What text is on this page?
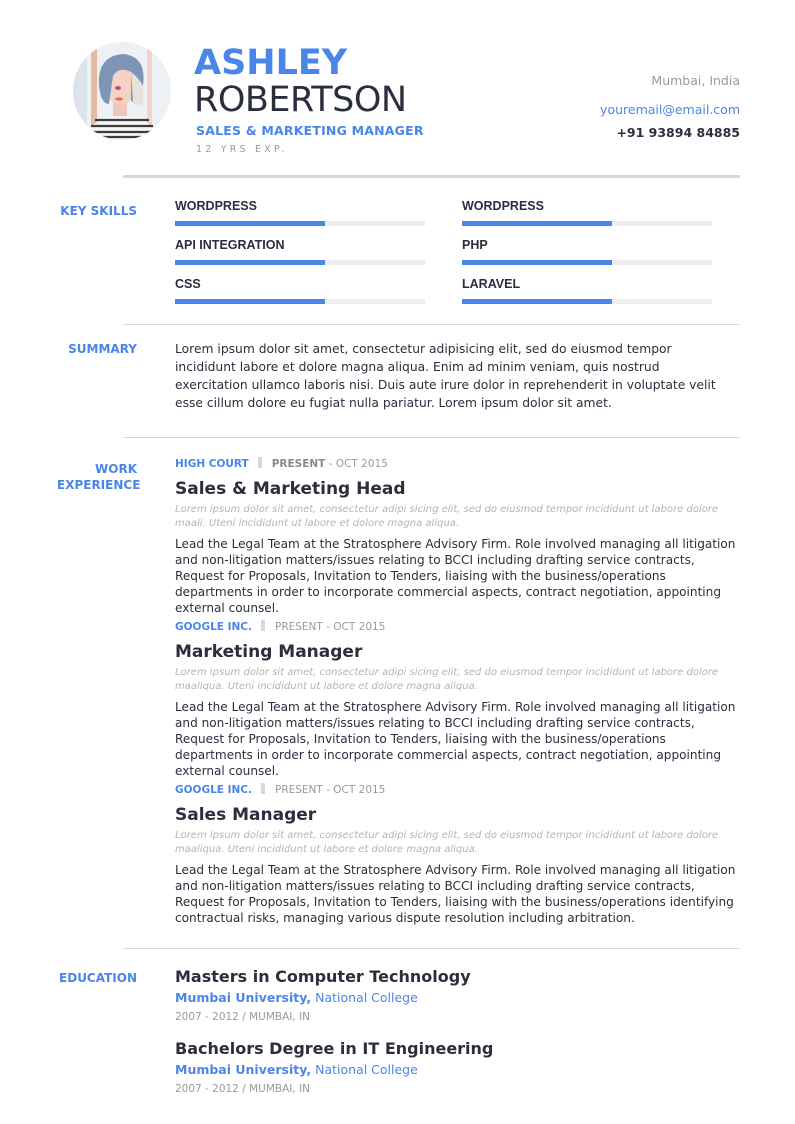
ASHLEY
ROBERTSON
SALES & MARKETING MANAGER
12 YRS EXP.
Mumbai, India
youremail@email.com
+91 93894 84885
KEY SKILLS	WORDPRESS
API INTEGRATION
CSS
WORDPRESS
PHP
LARAVEL
SUMMARY	Lorem ipsum dolor sit amet, consectetur adipisicing elit, sed do eiusmod tempor incididunt labore et dolore magna aliqua. Enim ad minim veniam, quis nostrud exercitation ullamco laboris nisi. Duis aute irure dolor in reprehenderit in voluptate velit esse cillum dolore eu fugiat nulla pariatur. Lorem ipsum dolor sit amet.
WORK
EXPERIENCE
HIGH COURT PRESENT - OCT 2015
Sales & Marketing Head
Lorem ipsum dolor sit amet, consectetur adipi sicing elit, sed do eiusmod tempor incididunt ut labore dolore maali. Uteni incididunt ut labore et dolore magna aliqua.
Lead the Legal Team at the Stratosphere Advisory Firm. Role involved managing all litigation and non-litigation matters/issues relating to BCCI including drafting service contracts, Request for Proposals, Invitation to Tenders, liaising with the business/operations departments in order to incorporate commercial aspects, contract negotiation, appointing external counsel.
GOOGLE INC. PRESENT - OCT 2015
Marketing Manager
Lorem ipsum dolor sit amet, consectetur adipi sicing elit, sed do eiusmod tempor incididunt ut labore dolore maaliqua. Uteni incididunt ut labore et dolore magna aliqua.
Lead the Legal Team at the Stratosphere Advisory Firm. Role involved managing all litigation and non-litigation matters/issues relating to BCCI including drafting service contracts, Request for Proposals, Invitation to Tenders, liaising with the business/operations departments in order to incorporate commercial aspects, contract negotiation, appointing external counsel.
GOOGLE INC. PRESENT - OCT 2015
Sales Manager
Lorem ipsum dolor sit amet, consectetur adipi sicing elit, sed do eiusmod tempor incididunt ut labore dolore maaliqua. Uteni incididunt ut labore et dolore magna aliqua.
Lead the Legal Team at the Stratosphere Advisory Firm. Role involved managing all litigation and non-litigation matters/issues relating to BCCI including drafting service contracts, Request for Proposals, Invitation to Tenders, liaising with the business/operations identifying contractual risks, managing various dispute resolution including arbitration.
EDUCATION Masters in Computer Technology
Mumbai University, National College
2007 - 2012 / MUMBAI, IN
Bachelors Degree in IT Engineering
Mumbai University, National College
2007 - 2012 / MUMBAI, IN
